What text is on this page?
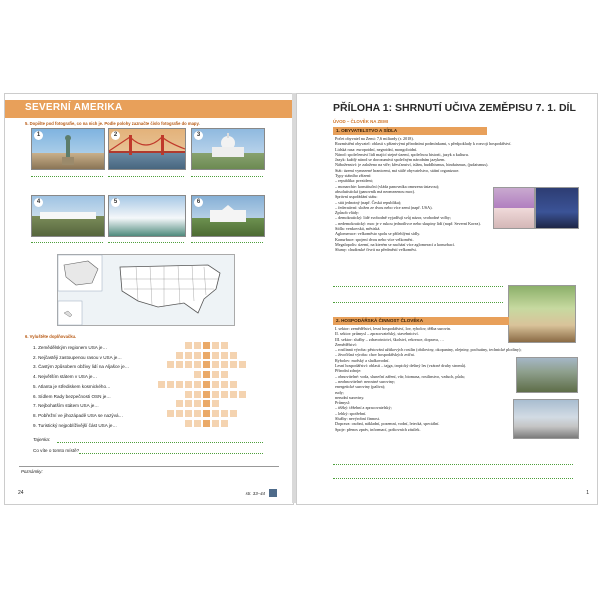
SEVERNÍ AMERIKA
5. Dopište pod fotografie, co na nich je. Podle polohy zaznačte číslo fotografie do mapy.
1	2	3
4	5	6
6. Vyluštěte doplňovačku.
1. Zemědělským regionem USA je…
2. Nejčastěji zastoupenou rasou v USA je…
3. Častým způsobem obživy lidí na Aljašce je…
4. Největším státem v USA je…
5. Atlanta je střediskem kosmického…
6. Sídlem Rady bezpečnosti OSN je…
7. Nejbohatším státem USA je…
8. Pobřežní ve jihozápadě USA se nazývá…
9. Turistický nejpoblíživější část USA je…
Tajenka:
Co víte o tomto místě?
Poznámky:
24	str. 33–44
PŘÍLOHA 1: SHRNUTÍ UČIVA ZEMĚPISU 7. 1. DÍL
ÚVOD – ČLOVĚK NA ZEMI
1. OBYVATELSTVO A SÍDLA
Počet obyvatel na Zemi: 7,6 miliardy (r. 2018).
Rozmístění obyvatel: oblasti s příznivými přírodními podmínkami, s předpoklady k rozvoji hospodářství.
Lidská rasa: europoidní, negroidní, mongoloidní.
Národ: společenství lidí mající stejné území, společnou historii, jazyk a kulturu.
Jazyk: každý národ se dorozumívá společným národním jazykem.
Náboženství: je založeno na víře; křesťanství, islám, buddhismus, hinduismus, (judaismus).
Stát: území vymezené hranicemi, má stálé obyvatelstvo, státní organizace.
Typy státního zřízení:
– republika: prezident;
– monarchie: konstituční (vláda panovníka omezena ústavou);
absolutistická (panovník má neomezenou moc).
Správní uspořádání státu:
– stát jednotný (např. Česká republika);
– federativní: složen ze dvou nebo více zemí (např. USA).
Způsob vlády:
– demokratický: lidé svobodně vyjadřují svůj názor, svobodné volby;
– nedemokratický: moc je v rukou jednotlivce nebo skupiny lidí (např. Severní Korea).
Sídla: venkovská, městská.
Aglomerace: velkoměsto spolu se přilehlými sídly.
Konurbace: spojení dvou nebo více velkoměst.
Megalopolis: území, na kterém se nachází více aglomerací a konurbací.
Slumy: chudinské čtvrti na předměstí velkoměst.
2. HOSPODÁŘSKÁ ČINNOST ČLOVĚKA
I. sektor: zemědělství, lesní hospodářství, lov, rybolov, těžba surovin.
II. sektor: průmysl – zpracovatelský, stavebnictví.
III. sektor: služby – zdravotnictví, školství, rekreace, doprava, …
Zemědělství:
– rostlinná výroba: pěstování užitkových rostlin (obiloviny, okopaniny, olejniny, pochutiny, technické plodiny);
– živočišná výroba: chov hospodářských zvířat.
Rybolov: mořský a sladkovodní.
Lesní hospodářství: oblasti – tajga, tropický deštný les (vzácné druhy stromů).
Přírodní zdroje:
– obnovitelné: voda, sluneční záření, vítr, biomasa, rostlinstvo, vzduch, půda;
– neobnovitelné: nerostné suroviny;
energetické suroviny (paliva);
rudy;
nerudní suroviny.
Průmysl:
– těžký: těžební a zpracovatelský;
– lehký: spotřební.
Služby: nevýrobní činnost.
Doprava: osobní, nákladní, pozemní, vodní, letecká, speciální.
Spoje: přenos zpráv, informací, poštovních zásilek.
1
